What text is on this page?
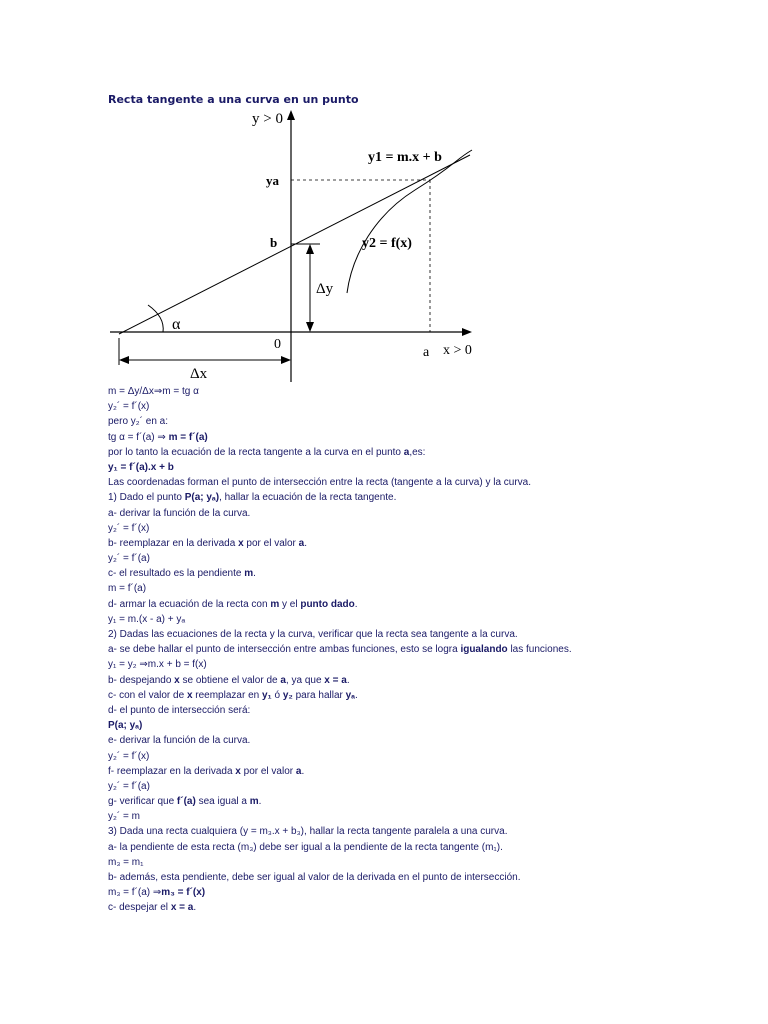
Recta tangente a una curva en un punto
y > 0
x > 0
y1 = m.x + b
y2 = f(x)
ya
b
0
a
α
Δy
Δx
m = Δy/Δx⇒m = tg α
y₂´ = f´(x)
pero y₂´ en a:
tg α = f´(a) ⇒ m = f´(a)
por lo tanto la ecuación de la recta tangente a la curva en el punto a,es:
y₁ = f´(a).x + b
Las coordenadas forman el punto de intersección entre la recta (tangente a la curva) y la curva.
1) Dado el punto P(a; yₐ), hallar la ecuación de la recta tangente.
a- derivar la función de la curva.
y₂´ = f´(x)
b- reemplazar en la derivada x por el valor a.
y₂´ = f´(a)
c- el resultado es la pendiente m.
m = f´(a)
d- armar la ecuación de la recta con m y el punto dado.
y₁ = m.(x - a) + yₐ
2) Dadas las ecuaciones de la recta y la curva, verificar que la recta sea tangente a la curva.
a- se debe hallar el punto de intersección entre ambas funciones, esto se logra igualando las funciones.
y₁ = y₂ ⇒m.x + b = f(x)
b- despejando x se obtiene el valor de a, ya que x = a.
c- con el valor de x reemplazar en y₁ ó y₂ para hallar yₐ.
d- el punto de intersección será:
P(a; yₐ)
e- derivar la función de la curva.
y₂´ = f´(x)
f- reemplazar en la derivada x por el valor a.
y₂´ = f´(a)
g- verificar que f´(a) sea igual a m.
y₂´ = m
3) Dada una recta cualquiera (y = m₃.x + b₃), hallar la recta tangente paralela a una curva.
a- la pendiente de esta recta (m₃) debe ser igual a la pendiente de la recta tangente (m₁).
m₃ = m₁
b- además, esta pendiente, debe ser igual al valor de la derivada en el punto de intersección.
m₃ = f´(a) ⇒m₃ = f´(x)
c- despejar el x = a.
